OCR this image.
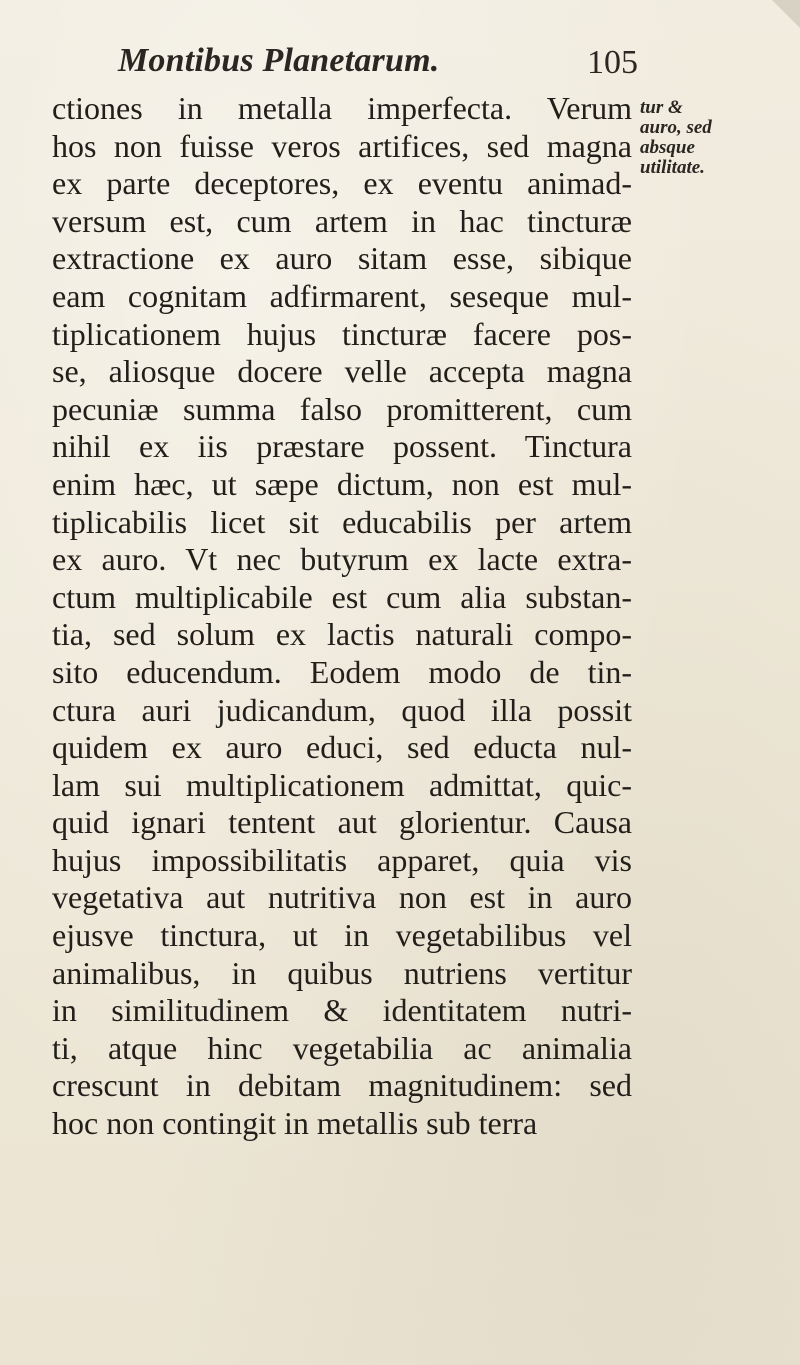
Montibus Planetarum.	105
ctiones in metalla imperfecta. Verum
hos non fuisse veros artifices, sed magna
ex parte deceptores, ex eventu animad-
versum est, cum artem in hac tincturæ
extractione ex auro sitam esse, sibique
eam cognitam adfirmarent, seseque mul-
tiplicationem hujus tincturæ facere pos-
se, aliosque docere velle accepta magna
pecuniæ summa falso promitterent, cum
nihil ex iis præstare possent. Tinctura
enim hæc, ut sæpe dictum, non est mul-
tiplicabilis licet sit educabilis per artem
ex auro. Vt nec butyrum ex lacte extra-
ctum multiplicabile est cum alia substan-
tia, sed solum ex lactis naturali compo-
sito educendum. Eodem modo de tin-
ctura auri judicandum, quod illa possit
quidem ex auro educi, sed educta nul-
lam sui multiplicationem admittat, quic-
quid ignari tentent aut glorientur. Causa
hujus impossibilitatis apparet, quia vis
vegetativa aut nutritiva non est in auro
ejusve tinctura, ut in vegetabilibus vel
animalibus, in quibus nutriens vertitur
in similitudinem & identitatem nutri-
ti, atque hinc vegetabilia ac animalia
crescunt in debitam magnitudinem: sed
hoc non contingit in metallis sub terra
tur &
auro, sed
absque
utilitate.
